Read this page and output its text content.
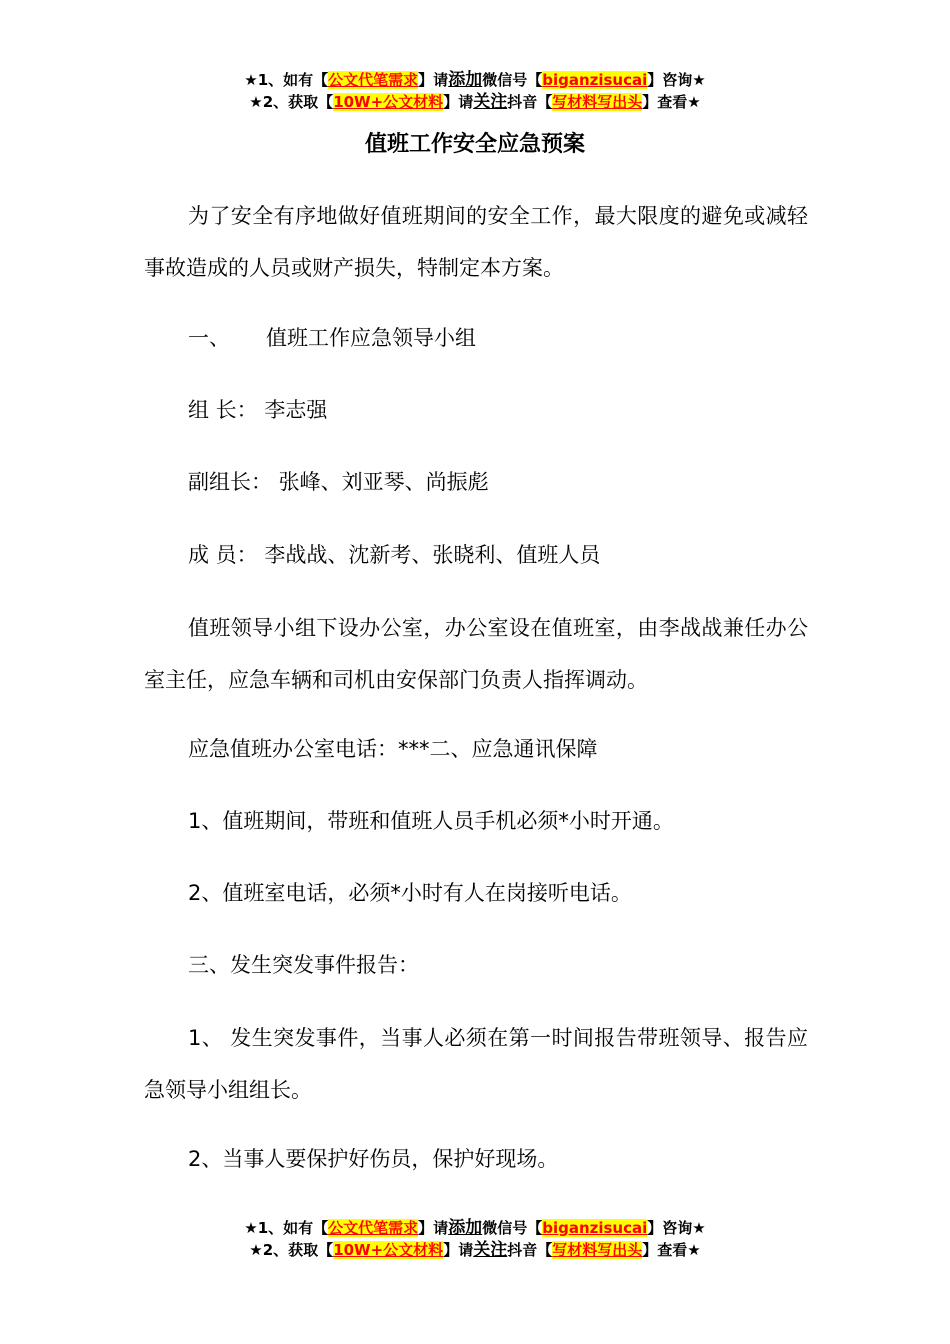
★1、如有【公文代笔需求】请添加微信号【biganzisucai】咨询★
★2、获取【10W+公文材料】请关注抖音【写材料写出头】查看★
值班工作安全应急预案

为了安全有序地做好值班期间的安全工作，最大限度的避免或减轻事故造成的人员或财产损失，特制定本方案。

一、 值班工作应急领导小组

组 长： 李志强

副组长： 张峰、刘亚琴、尚振彪

成 员： 李战战、沈新考、张晓利、值班人员

值班领导小组下设办公室，办公室设在值班室，由李战战兼任办公室主任，应急车辆和司机由安保部门负责人指挥调动。

应急值班办公室电话：***二、应急通讯保障

1、值班期间，带班和值班人员手机必须*小时开通。

2、值班室电话，必须*小时有人在岗接听电话。

三、发生突发事件报告：

1、 发生突发事件，当事人必须在第一时间报告带班领导、报告应急领导小组组长。

2、当事人要保护好伤员，保护好现场。

★1、如有【公文代笔需求】请添加微信号【biganzisucai】咨询★
★2、获取【10W+公文材料】请关注抖音【写材料写出头】查看★
